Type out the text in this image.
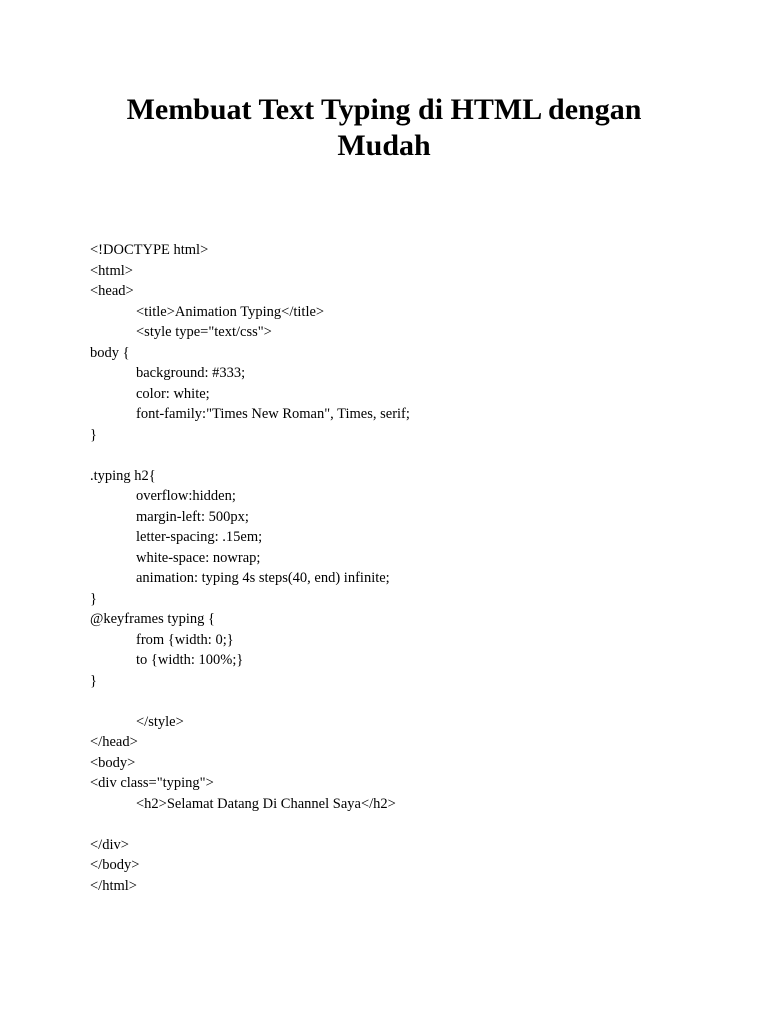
Membuat Text Typing di HTML dengan Mudah
<!DOCTYPE html>
<html>
<head>
<title>Animation Typing</title>
<style type="text/css">
body {
background: #333;
color: white;
font-family:"Times New Roman", Times, serif;
}
.typing h2{
overflow:hidden;
margin-left: 500px;
letter-spacing: .15em;
white-space: nowrap;
animation: typing 4s steps(40, end) infinite;
}
@keyframes typing {
from {width: 0;}
to {width: 100%;}
}
</style>
</head>
<body>
<div class="typing">
<h2>Selamat Datang Di Channel Saya</h2>
</div>
</body>
</html>
